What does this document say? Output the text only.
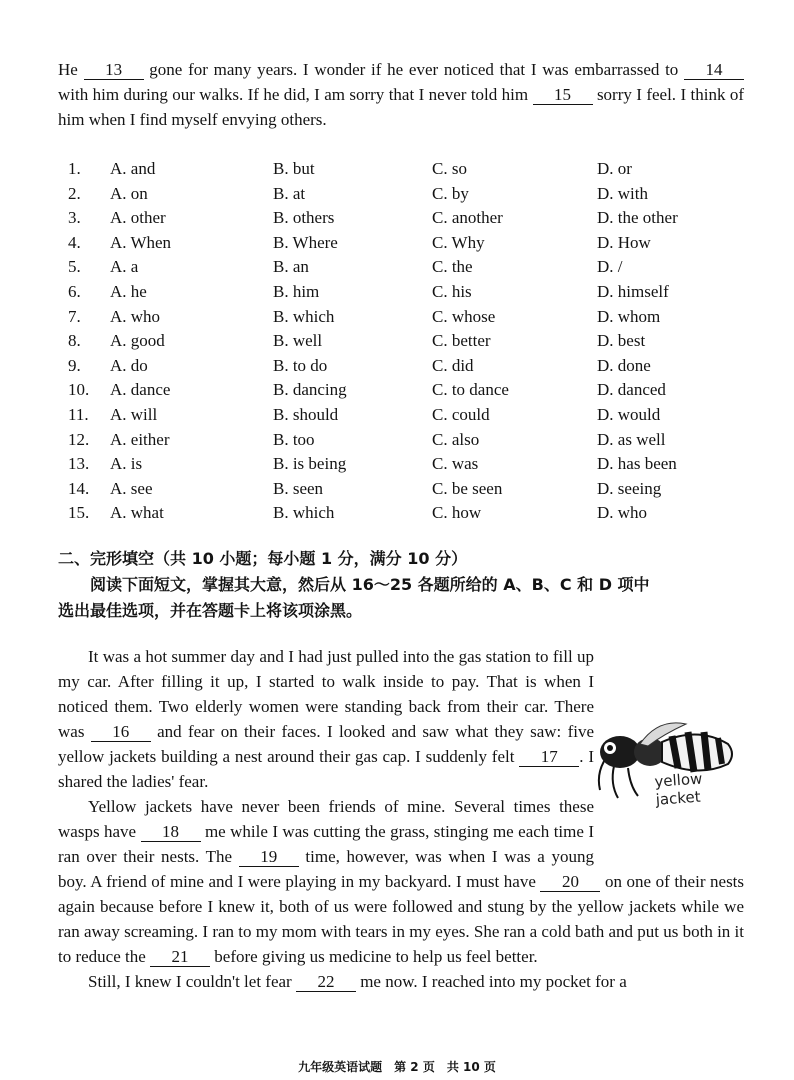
He 13 gone for many years. I wonder if he ever noticed that I was embarrassed to 14 with him during our walks. If he did, I am sorry that I never told him 15 sorry I feel. I think of him when I find myself envying others.

1. A. and	B. but	C. so	D. or
2. A. on	B. at	C. by	D. with
3. A. other	B. others	C. another	D. the other
4. A. When	B. Where	C. Why	D. How
5. A. a	B. an	C. the	D. /
6. A. he	B. him	C. his	D. himself
7. A. who	B. which	C. whose	D. whom
8. A. good	B. well	C. better	D. best
9. A. do	B. to do	C. did	D. done
10. A. dance	B. dancing	C. to dance	D. danced
11. A. will	B. should	C. could	D. would
12. A. either	B. too	C. also	D. as well
13. A. is	B. is being	C. was	D. has been
14. A. see	B. seen	C. be seen	D. seeing
15. A. what	B. which	C. how	D. who
二、完形填空（共 10 小题；每小题 1 分，满分 10 分）

阅读下面短文，掌握其大意，然后从 16～25 各题所给的 A、B、C 和 D 项中

选出最佳选项，并在答题卡上将该项涂黑。

It was a hot summer day and I had just pulled into the gas station to fill up my car. After filling it up, I started to walk inside to pay. That is when I noticed them. Two elderly women were standing back from their car. There was 16 and fear on their faces. I looked and saw what they saw: five yellow jackets building a nest around their gas cap. I suddenly felt 17 . I shared the ladies' fear.

Yellow jackets have never been friends of mine. Several times these wasps have 18 me while I was cutting the grass, stinging me each time I ran over their nests. The 19 time, however, was when I was a young boy. A friend of mine and I were playing in my backyard. I must have 20 on one of their nests again because before I knew it, both of us were followed and stung by the yellow jackets while we ran away screaming. I ran to my mom with tears in my eyes. She ran a cold bath and put us both in it to reduce the 21 before giving us medicine to help us feel better.

Still, I knew I couldn't let fear 22 me now. I reached into my pocket for a

yellow
jacket
九年级英语试题　第 2 页　共 10 页
